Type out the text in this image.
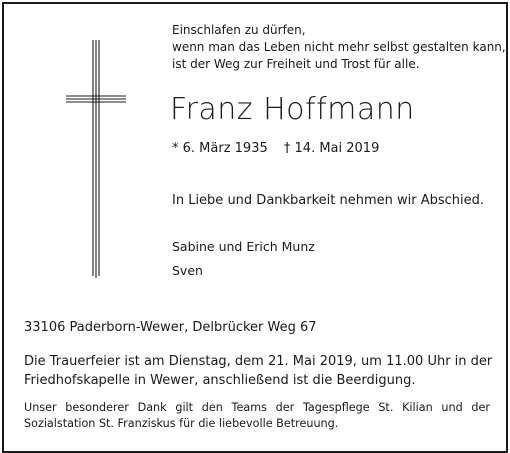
Einschlafen zu dürfen,
wenn man das Leben nicht mehr selbst gestalten kann,
ist der Weg zur Freiheit und Trost für alle.
Franz Hoffmann
* 6. März 1935 † 14. Mai 2019
In Liebe und Dankbarkeit nehmen wir Abschied.
Sabine und Erich Munz
Sven
33106 Paderborn-Wewer, Delbrücker Weg 67
Die Trauerfeier ist am Dienstag, dem 21. Mai 2019, um 11.00 Uhr in der
Friedhofskapelle in Wewer, anschließend ist die Beerdigung.
Unser besonderer Dank gilt den Teams der Tagespflege St. Kilian und der Sozialstation St. Franziskus für die liebevolle Betreuung.
